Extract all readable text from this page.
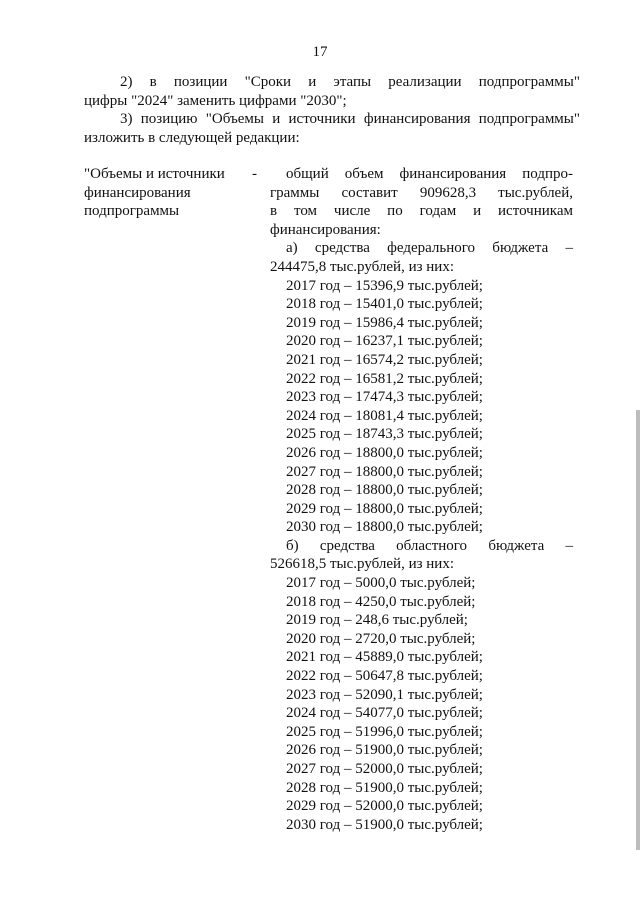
17
2) в позиции "Сроки и этапы реализации подпрограммы"
цифры "2024" заменить цифрами "2030";
3) позицию "Объемы и источники финансирования подпрограммы"
изложить в следующей редакции:
"Объемы и источники
финансирования
подпрограммы
-	общий объем финансирования подпро-
граммы составит 909628,3 тыс.рублей,
в том числе по годам и источникам
финансирования:
а) средства федерального бюджета –
244475,8 тыс.рублей, из них:
2017 год – 15396,9 тыс.рублей;
2018 год – 15401,0 тыс.рублей;
2019 год – 15986,4 тыс.рублей;
2020 год – 16237,1 тыс.рублей;
2021 год – 16574,2 тыс.рублей;
2022 год – 16581,2 тыс.рублей;
2023 год – 17474,3 тыс.рублей;
2024 год – 18081,4 тыс.рублей;
2025 год – 18743,3 тыс.рублей;
2026 год – 18800,0 тыс.рублей;
2027 год – 18800,0 тыс.рублей;
2028 год – 18800,0 тыс.рублей;
2029 год – 18800,0 тыс.рублей;
2030 год – 18800,0 тыс.рублей;
б) средства областного бюджета –
526618,5 тыс.рублей, из них:
2017 год – 5000,0 тыс.рублей;
2018 год – 4250,0 тыс.рублей;
2019 год – 248,6 тыс.рублей;
2020 год – 2720,0 тыс.рублей;
2021 год – 45889,0 тыс.рублей;
2022 год – 50647,8 тыс.рублей;
2023 год – 52090,1 тыс.рублей;
2024 год – 54077,0 тыс.рублей;
2025 год – 51996,0 тыс.рублей;
2026 год – 51900,0 тыс.рублей;
2027 год – 52000,0 тыс.рублей;
2028 год – 51900,0 тыс.рублей;
2029 год – 52000,0 тыс.рублей;
2030 год – 51900,0 тыс.рублей;
